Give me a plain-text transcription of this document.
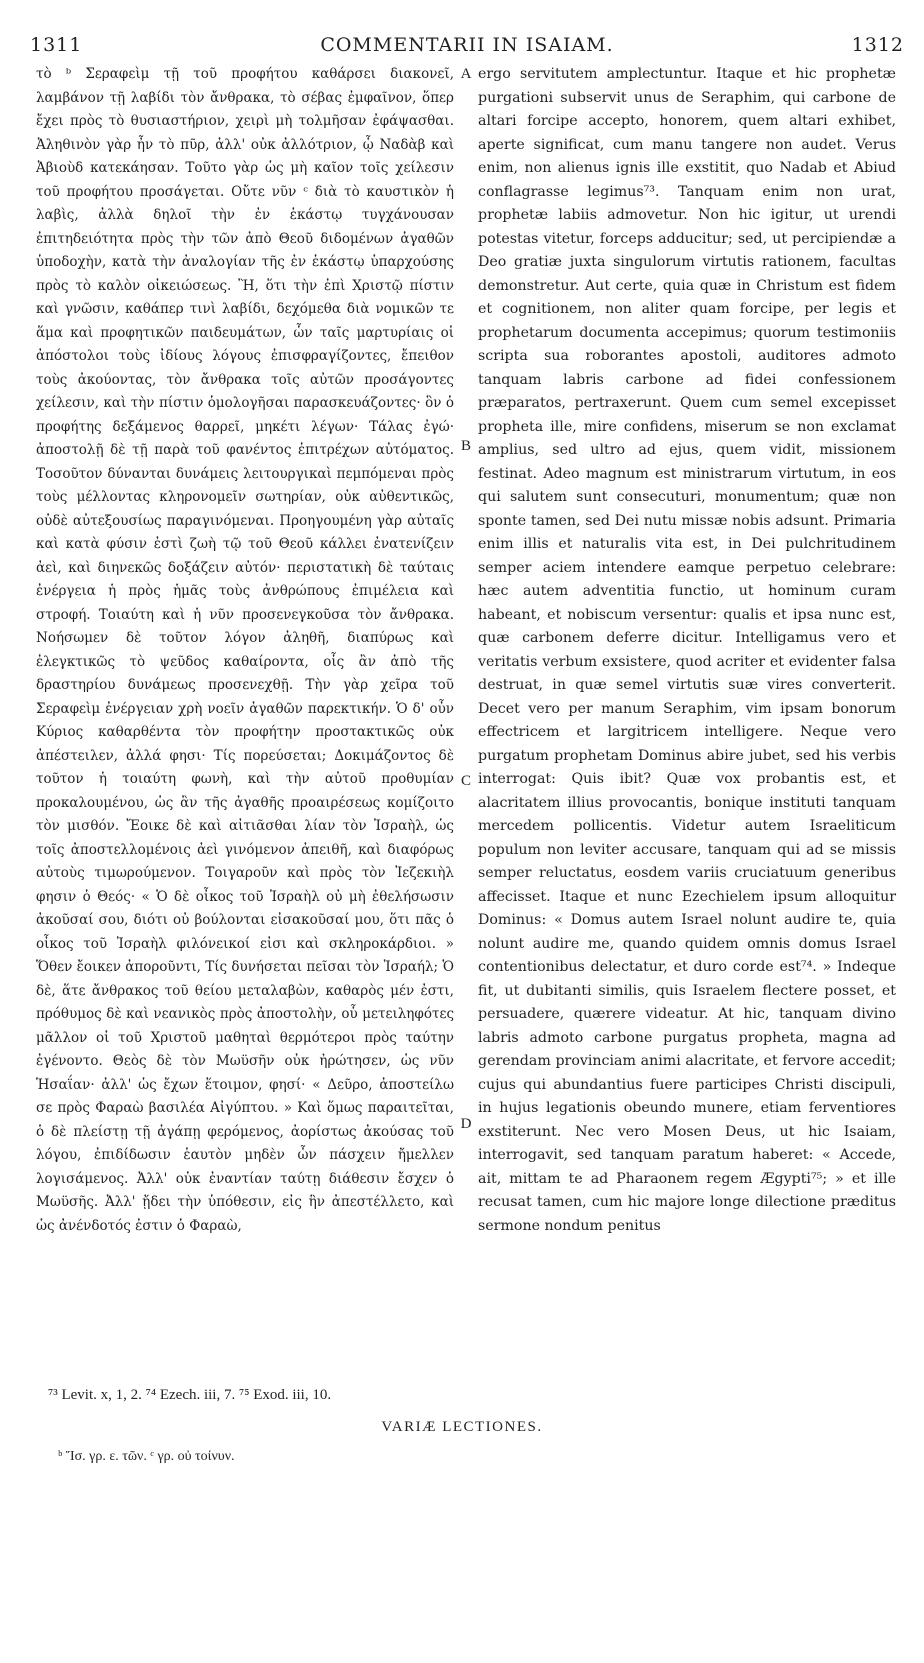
1311	COMMENTARII IN ISAIAM.	1312

τὸ ᵇ Σεραφεὶμ τῇ τοῦ προφήτου καθάρσει διακονεῖ, λαμβάνον τῇ λαβίδι τὸν ἄνθρακα, τὸ σέβας ἐμφαῖνον, ὅπερ ἔχει πρὸς τὸ θυσιαστήριον, χειρὶ μὴ τολμῆσαν ἐφάψασθαι. Ἀληθινὸν γὰρ ἦν τὸ πῦρ, ἀλλ' οὐκ ἀλλότριον, ᾧ Ναδὰβ καὶ Ἀβιοὺδ κατεκάησαν. Τοῦτο γὰρ ὡς μὴ καῖον τοῖς χείλεσιν τοῦ προφήτου προσάγεται. Οὔτε νῦν ᶜ διὰ τὸ καυστικὸν ἡ λαβὶς, ἀλλὰ δηλοῖ τὴν ἐν ἑκάστῳ τυγχάνουσαν ἐπιτηδειότητα πρὸς τὴν τῶν ἀπὸ Θεοῦ διδομένων ἀγαθῶν ὑποδοχὴν, κατὰ τὴν ἀναλογίαν τῆς ἐν ἑκάστῳ ὑπαρχούσης πρὸς τὸ καλὸν οἰκειώσεως. Ἢ, ὅτι τὴν ἐπὶ Χριστῷ πίστιν καὶ γνῶσιν, καθάπερ τινὶ λαβίδι, δεχόμεθα διὰ νομικῶν τε ἅμα καὶ προφητικῶν παιδευμάτων, ὧν ταῖς μαρτυρίαις οἱ ἀπόστολοι τοὺς ἰδίους λόγους ἐπισφραγίζοντες, ἔπειθον τοὺς ἀκούοντας, τὸν ἄνθρακα τοῖς αὐτῶν προσάγοντες χείλεσιν, καὶ τὴν πίστιν ὁμολογῆσαι παρασκευάζοντες· ὃν ὁ προφήτης δεξάμενος θαρρεῖ, μηκέτι λέγων· Τάλας ἐγώ· ἀποστολῇ δὲ τῇ παρὰ τοῦ φανέντος ἐπιτρέχων αὐτόματος. Τοσοῦτον δύνανται δυνάμεις λειτουργικαὶ πεμπόμεναι πρὸς τοὺς μέλλοντας κληρονομεῖν σωτηρίαν, οὐκ αὐθεντικῶς, οὐδὲ αὐτεξουσίως παραγινόμεναι. Προηγουμένη γὰρ αὐταῖς καὶ κατὰ φύσιν ἐστὶ ζωὴ τῷ τοῦ Θεοῦ κάλλει ἐνατενίζειν ἀεὶ, καὶ διηνεκῶς δοξάζειν αὐτόν· περιστατικὴ δὲ ταύταις ἐνέργεια ἡ πρὸς ἡμᾶς τοὺς ἀνθρώπους ἐπιμέλεια καὶ στροφή. Τοιαύτη καὶ ἡ νῦν προσενεγκοῦσα τὸν ἄνθρακα. Νοήσωμεν δὲ τοῦτον λόγον ἀληθῆ, διαπύρως καὶ ἐλεγκτικῶς τὸ ψεῦδος καθαίροντα, οἷς ἂν ἀπὸ τῆς δραστηρίου δυνάμεως προσενεχθῇ. Τὴν γὰρ χεῖρα τοῦ Σεραφεὶμ ἐνέργειαν χρὴ νοεῖν ἀγαθῶν παρεκτικήν. Ὁ δ' οὖν Κύριος καθαρθέντα τὸν προφήτην προστακτικῶς οὐκ ἀπέστειλεν, ἀλλά φησι· Τίς πορεύσεται; Δοκιμάζοντος δὲ τοῦτον ἡ τοιαύτη φωνὴ, καὶ τὴν αὐτοῦ προθυμίαν προκαλουμένου, ὡς ἂν τῆς ἀγαθῆς προαιρέσεως κομίζοιτο τὸν μισθόν. Ἔοικε δὲ καὶ αἰτιᾶσθαι λίαν τὸν Ἰσραὴλ, ὡς τοῖς ἀποστελλομένοις ἀεὶ γινόμενον ἀπειθῆ, καὶ διαφόρως αὐτοὺς τιμωρούμενον. Τοιγαροῦν καὶ πρὸς τὸν Ἰεζεκιὴλ φησιν ὁ Θεός· « Ὁ δὲ οἶκος τοῦ Ἰσραὴλ οὐ μὴ ἐθελήσωσιν ἀκοῦσαί σου, διότι οὐ βούλονται εἰσακοῦσαί μου, ὅτι πᾶς ὁ οἶκος τοῦ Ἰσραὴλ φιλόνεικοί εἰσι καὶ σκληροκάρδιοι. » Ὅθεν ἔοικεν ἀποροῦντι, Τίς δυνήσεται πεῖσαι τὸν Ἰσραήλ; Ὁ δὲ, ἅτε ἄνθρακος τοῦ θείου μεταλαβὼν, καθαρὸς μέν ἐστι, πρόθυμος δὲ καὶ νεανικὸς πρὸς ἀποστολὴν, οὗ μετειληφότες μᾶλλον οἱ τοῦ Χριστοῦ μαθηταὶ θερμότεροι πρὸς ταύτην ἐγένοντο. Θεὸς δὲ τὸν Μωϋσῆν οὐκ ἠρώτησεν, ὡς νῦν Ἡσαΐαν· ἀλλ' ὡς ἔχων ἕτοιμον, φησί· « Δεῦρο, ἀποστείλω σε πρὸς Φαραὼ βασιλέα Αἰγύπτου. » Καὶ ὅμως παραιτεῖται, ὁ δὲ πλείστῃ τῇ ἀγάπῃ φερόμενος, ἀορίστως ἀκούσας τοῦ λόγου, ἐπιδίδωσιν ἑαυτὸν μηδὲν ὧν πάσχειν ἤμελλεν λογισάμενος. Ἀλλ' οὐκ ἐναντίαν ταύτῃ διάθεσιν ἔσχεν ὁ Μωϋσῆς. Ἀλλ' ᾔδει τὴν ὑπόθεσιν, εἰς ἣν ἀπεστέλλετο, καὶ ὡς ἀνένδοτός ἐστιν ὁ Φαραὼ,

ergo servitutem amplectuntur. Itaque et hic prophetæ purgationi subservit unus de Seraphim, qui carbone de altari forcipe accepto, honorem, quem altari exhibet, aperte significat, cum manu tangere non audet. Verus enim, non alienus ignis ille exstitit, quo Nadab et Abiud conflagrasse legimus⁷³. Tanquam enim non urat, prophetæ labiis admovetur. Non hic igitur, ut urendi potestas vitetur, forceps adducitur; sed, ut percipiendæ a Deo gratiæ juxta singulorum virtutis rationem, facultas demonstretur. Aut certe, quia quæ in Christum est fidem et cognitionem, non aliter quam forcipe, per legis et prophetarum documenta accepimus; quorum testimoniis scripta sua roborantes apostoli, auditores admoto tanquam labris carbone ad fidei confessionem præparatos, pertraxerunt. Quem cum semel excepisset propheta ille, mire confidens, miserum se non exclamat amplius, sed ultro ad ejus, quem vidit, missionem festinat. Adeo magnum est ministrarum virtutum, in eos qui salutem sunt consecuturi, monumentum; quæ non sponte tamen, sed Dei nutu missæ nobis adsunt. Primaria enim illis et naturalis vita est, in Dei pulchritudinem semper aciem intendere eamque perpetuo celebrare: hæc autem adventitia functio, ut hominum curam habeant, et nobiscum versentur: qualis et ipsa nunc est, quæ carbonem deferre dicitur. Intelligamus vero et veritatis verbum exsistere, quod acriter et evidenter falsa destruat, in quæ semel virtutis suæ vires converterit. Decet vero per manum Seraphim, vim ipsam bonorum effectricem et largitricem intelligere. Neque vero purgatum prophetam Dominus abire jubet, sed his verbis interrogat: Quis ibit? Quæ vox probantis est, et alacritatem illius provocantis, bonique instituti tanquam mercedem pollicentis. Videtur autem Israeliticum populum non leviter accusare, tanquam qui ad se missis semper reluctatus, eosdem variis cruciatuum generibus affecisset. Itaque et nunc Ezechielem ipsum alloquitur Dominus: « Domus autem Israel nolunt audire te, quia nolunt audire me, quando quidem omnis domus Israel contentionibus delectatur, et duro corde est⁷⁴. » Indeque fit, ut dubitanti similis, quis Israelem flectere posset, et persuadere, quærere videatur. At hic, tanquam divino labris admoto carbone purgatus propheta, magna ad gerendam provinciam animi alacritate, et fervore accedit; cujus qui abundantius fuere participes Christi discipuli, in hujus legationis obeundo munere, etiam ferventiores exstiterunt. Nec vero Mosen Deus, ut hic Isaiam, interrogavit, sed tanquam paratum haberet: « Accede, ait, mittam te ad Pharaonem regem Ægypti⁷⁵; » et ille recusat tamen, cum hic majore longe dilectione præditus sermone nondum penitus

A
B
C
D
⁷³ Levit. x, 1, 2. ⁷⁴ Ezech. iii, 7. ⁷⁵ Exod. iii, 10.
VARIÆ LECTIONES.
ᵇ Ἴσ. γρ. ε. τῶν. ᶜ γρ. οὐ τοίνυν.
